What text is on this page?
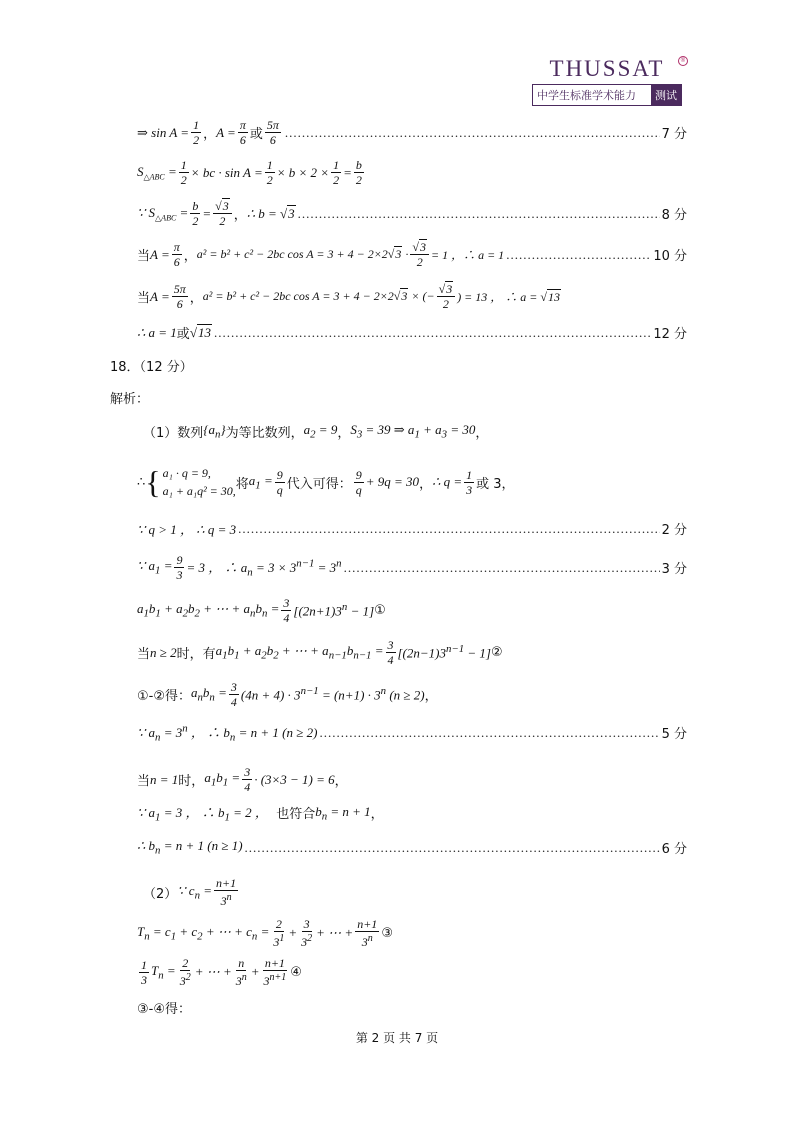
THUSSAT	®
中学生标准学术能力	测试
⇒ $\sin A = \frac{1}{2}$ ， $A = \frac{\pi}{6}$ 或
5π
6 .....	7 分
$S_{\triangle ABC} = \frac{1}{2}$ × bc · $\sin A = \frac{1}{2} \times b \times 2 \times \frac{1}{2} = \frac{b}{2}$
∵ $S_{\triangle ABC} = \frac{b}{2} = \frac{√3}{2}$ ， ∴ b = √3 .....	8 分
当 $A = \frac{\pi}{6}$ ， a² = b² + c² − 2bc $\cos A = 3 + 4 - 2\times 2√3 \cdot \frac{√3}{2} = 1$ ，∴ a = 1 .....	10 分
当 $A = \frac{5\pi}{6}$ ， a² = b² + c² − 2bc cos A = 3 + 4 − 2×2√3 × (− $\frac{√3}{2}$ ) = 13 ， ∴ a = √13
∴ a = 1 或 √13 .....	12 分
18．（12 分）
解析：
（1）数列 $\{a_n\}$ 为等比数列， $a_2 = 9$ ， $S_3 = 39$ ⇒ $a_1 + a_3 = 30$ ，
∴ { a₁ · q = 9,
a₁ + a₁q² = 30, 将 $a_1 = \frac{9}{q}$ 代入可得：
9
q
+ 9q = 30 ， ∴ $q = \frac{1}{3}$ 或 3，
∵ q > 1 ， ∴ q = 3 .....	2 分
∵ $a_1 = \frac{9}{3} = 3$ ， ∴ $a_n = 3 \times 3^{n-1} = 3^n$ .....	3 分
$a_1b_1 + a_2b_2$ + ⋯ + $a_nb_n = \frac{3}{4} [(2n+1)3^n - 1]$ ①
当 n ≥ 2 时，有 $a_1b_1 + a_2b_2$ + ⋯ + $a_{n-1}b_{n-1} = \frac{3}{4} [(2n-1)3^{n-1} - 1]$ ②
①-②得： $a_nb_n = \frac{3}{4} (4n + 4) \cdot 3^{n-1} = (n+1) \cdot 3^n$ (n ≥ 2) ，
∵ $a_n = 3^n$ ， ∴ $b_n = n + 1$ (n ≥ 2) .....	5 分
当 n = 1 时， $a_1b_1 = \frac{3}{4} \cdot (3\times 3 - 1) = 6$ ，
∵ $a_1 = 3$ ， ∴ $b_1 = 2$ ， 也符合 $b_n = n + 1$ ，
∴ $b_n = n + 1$ (n ≥ 1) .....	6 分
（2） ∵ $c_n = \frac{n+1}{3^n}$
$T_n = c_1 + c_2$ + ⋯ + $c_n = \frac{2}{3^1} + \frac{3}{3^2}$ + ⋯ + $\frac{n+1}{3^n}$ ③
1
3
$T_n = \frac{2}{3^2}$ + ⋯ + $\frac{n}{3^n} + \frac{n+1}{3^{n+1}}$ ④
③-④得：
第 2 页 共 7 页
